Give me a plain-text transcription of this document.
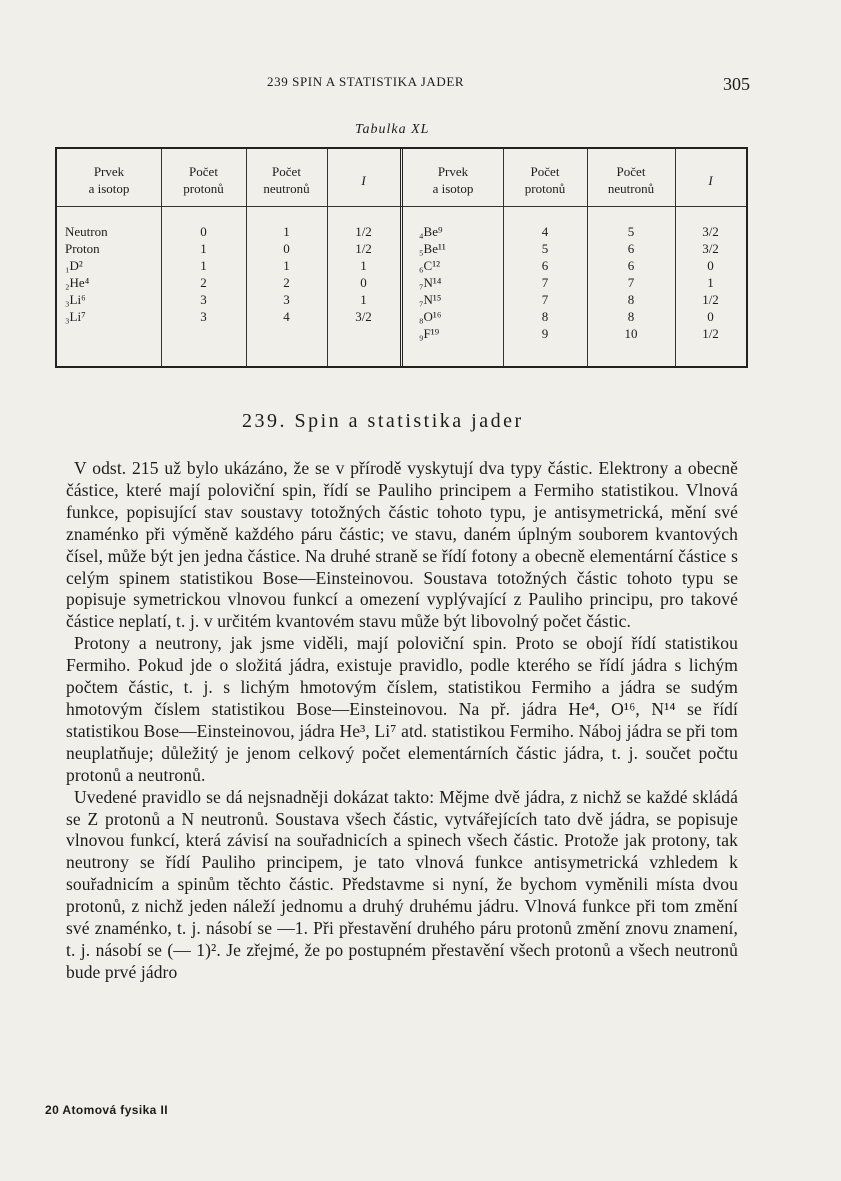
239 SPIN A STATISTIKA JADER	305
Tabulka XL
Prvek
a isotop
Počet
protonů
Počet
neutronů
I
Prvek
a isotop
Počet
protonů
Počet
neutronů
I
Neutron
Proton
₁D²
₂He⁴
₃Li⁶
₃Li⁷
0
1
1
2
3
3
1
0
1
2
3
4
1/2
1/2
1
0
1
3/2
₄Be⁹
₅Be¹¹
₆C¹²
₇N¹⁴
₇N¹⁵
₈O¹⁶
₉F¹⁹
4
5
6
7
7
8
9
5
6
6
7
8
8
10
3/2
3/2
0
1
1/2
0
1/2
239. Spin a statistika jader

V odst. 215 už bylo ukázáno, že se v přírodě vyskytují dva typy částic. Elektrony a obecně částice, které mají poloviční spin, řídí se Pauliho principem a Fermiho statistikou. Vlnová funkce, popisující stav soustavy totožných částic tohoto typu, je antisymetrická, mění své znaménko při výměně každého páru částic; ve stavu, daném úplným souborem kvantových čísel, může být jen jedna částice. Na druhé straně se řídí fotony a obecně elementární částice s celým spinem statistikou Bose—Einsteinovou. Soustava totožných částic tohoto typu se popisuje symetrickou vlnovou funkcí a omezení vyplývající z Pauliho principu, pro takové částice neplatí, t. j. v určitém kvantovém stavu může být libovolný počet částic.

Protony a neutrony, jak jsme viděli, mají poloviční spin. Proto se obojí řídí statistikou Fermiho. Pokud jde o složitá jádra, existuje pravidlo, podle kterého se řídí jádra s lichým počtem částic, t. j. s lichým hmotovým číslem, statistikou Fermiho a jádra se sudým hmotovým číslem statistikou Bose—Einsteinovou. Na př. jádra He⁴, O¹⁶, N¹⁴ se řídí statistikou Bose—Einsteinovou, jádra He³, Li⁷ atd. statistikou Fermiho. Náboj jádra se při tom neuplatňuje; důležitý je jenom celkový počet elementárních částic jádra, t. j. součet počtu protonů a neutronů.

Uvedené pravidlo se dá nejsnadněji dokázat takto: Mějme dvě jádra, z nichž se každé skládá se Z protonů a N neutronů. Soustava všech částic, vytvářejících tato dvě jádra, se popisuje vlnovou funkcí, která závisí na souřadnicích a spinech všech částic. Protože jak protony, tak neutrony se řídí Pauliho principem, je tato vlnová funkce antisymetrická vzhledem k souřadnicím a spinům těchto částic. Představme si nyní, že bychom vyměnili místa dvou protonů, z nichž jeden náleží jednomu a druhý druhému jádru. Vlnová funkce při tom změní své znaménko, t. j. násobí se —1. Při přestavění druhého páru protonů změní znovu znamení, t. j. násobí se (— 1)². Je zřejmé, že po postupném přestavění všech protonů a všech neutronů bude prvé jádro

20 Atomová fysika II
